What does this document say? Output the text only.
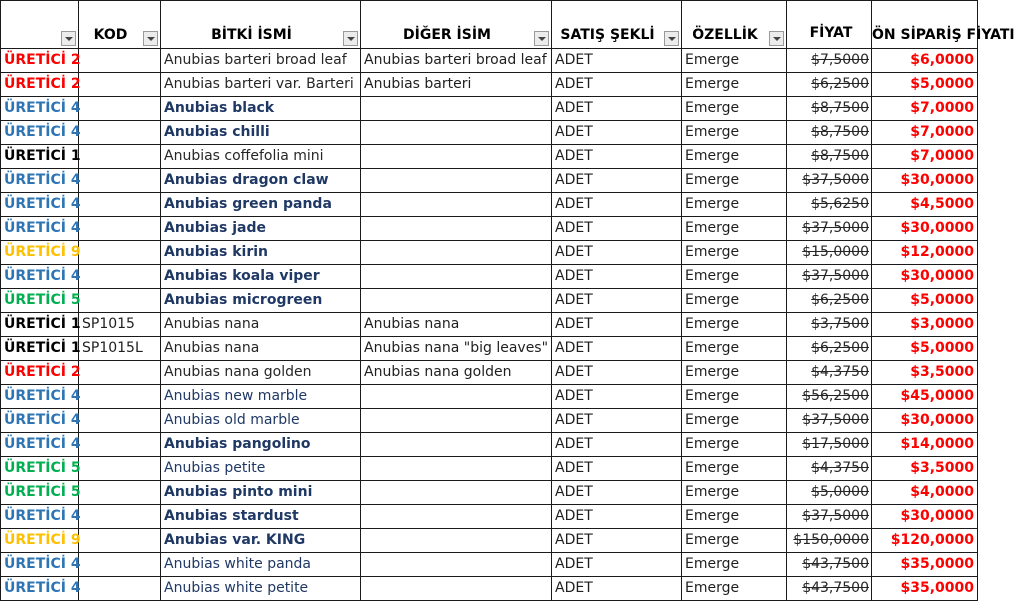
	KOD	BİTKİ İSMİ	DİĞER İSİM	SATIŞ ŞEKLİ	ÖZELLİK	FİYAT	ÖN SİPARİŞ FİYATI

ÜRETİCİ 2		Anubias barteri broad leaf	Anubias barteri broad leaf	ADET	Emerge	$7,5000	$6,0000
ÜRETİCİ 2		Anubias barteri var. Barteri	Anubias barteri	ADET	Emerge	$6,2500	$5,0000
ÜRETİCİ 4		Anubias black		ADET	Emerge	$8,7500	$7,0000
ÜRETİCİ 4		Anubias chilli		ADET	Emerge	$8,7500	$7,0000
ÜRETİCİ 1		Anubias coffefolia mini		ADET	Emerge	$8,7500	$7,0000
ÜRETİCİ 4		Anubias dragon claw		ADET	Emerge	$37,5000	$30,0000
ÜRETİCİ 4		Anubias green panda		ADET	Emerge	$5,6250	$4,5000
ÜRETİCİ 4		Anubias jade		ADET	Emerge	$37,5000	$30,0000
ÜRETİCİ 9		Anubias kirin		ADET	Emerge	$15,0000	$12,0000
ÜRETİCİ 4		Anubias koala viper		ADET	Emerge	$37,5000	$30,0000
ÜRETİCİ 5		Anubias microgreen		ADET	Emerge	$6,2500	$5,0000
ÜRETİCİ 1	SP1015	Anubias nana	Anubias nana	ADET	Emerge	$3,7500	$3,0000
ÜRETİCİ 1	SP1015L	Anubias nana	Anubias nana "big leaves"	ADET	Emerge	$6,2500	$5,0000
ÜRETİCİ 2		Anubias nana golden	Anubias nana golden	ADET	Emerge	$4,3750	$3,5000
ÜRETİCİ 4		Anubias new marble		ADET	Emerge	$56,2500	$45,0000
ÜRETİCİ 4		Anubias old marble		ADET	Emerge	$37,5000	$30,0000
ÜRETİCİ 4		Anubias pangolino		ADET	Emerge	$17,5000	$14,0000
ÜRETİCİ 5		Anubias petite		ADET	Emerge	$4,3750	$3,5000
ÜRETİCİ 5		Anubias pinto mini		ADET	Emerge	$5,0000	$4,0000
ÜRETİCİ 4		Anubias stardust		ADET	Emerge	$37,5000	$30,0000
ÜRETİCİ 9		Anubias var. KING		ADET	Emerge	$150,0000	$120,0000
ÜRETİCİ 4		Anubias white panda		ADET	Emerge	$43,7500	$35,0000
ÜRETİCİ 4		Anubias white petite		ADET	Emerge	$43,7500	$35,0000
